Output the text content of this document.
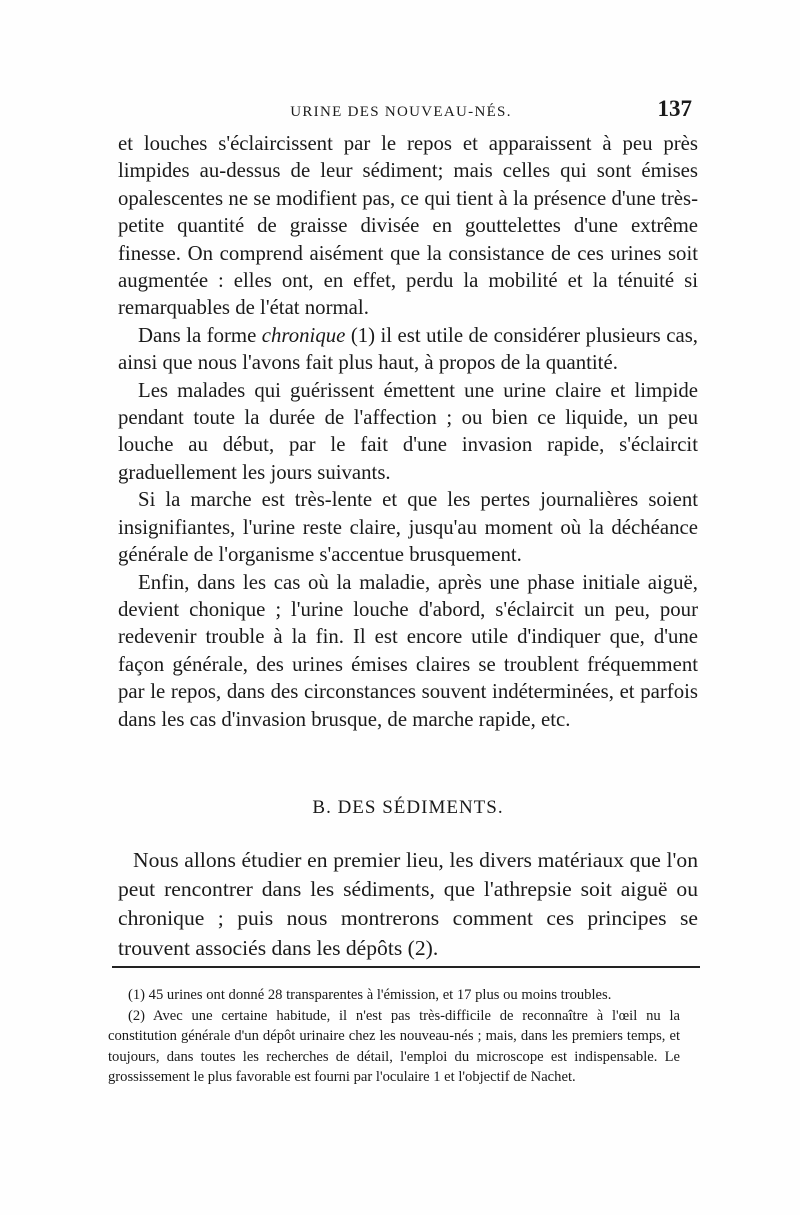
URINE DES NOUVEAU-NÉS.	137

et louches s'éclaircissent par le repos et apparaissent à peu près limpides au-dessus de leur sédiment; mais celles qui sont émises opalescentes ne se modifient pas, ce qui tient à la présence d'une très-petite quantité de graisse divisée en gouttelettes d'une extrême finesse. On comprend aisément que la consistance de ces urines soit augmentée : elles ont, en effet, perdu la mobilité et la ténuité si remarquables de l'état normal.

Dans la forme chronique (1) il est utile de considérer plusieurs cas, ainsi que nous l'avons fait plus haut, à propos de la quantité.

Les malades qui guérissent émettent une urine claire et limpide pendant toute la durée de l'affection ; ou bien ce liquide, un peu louche au début, par le fait d'une invasion rapide, s'éclaircit graduellement les jours suivants.

Si la marche est très-lente et que les pertes journalières soient insignifiantes, l'urine reste claire, jusqu'au moment où la déchéance générale de l'organisme s'accentue brusquement.

Enfin, dans les cas où la maladie, après une phase initiale aiguë, devient chonique ; l'urine louche d'abord, s'éclaircit un peu, pour redevenir trouble à la fin. Il est encore utile d'indiquer que, d'une façon générale, des urines émises claires se troublent fréquemment par le repos, dans des circonstances souvent indéterminées, et parfois dans les cas d'invasion brusque, de marche rapide, etc.

B. DES SÉDIMENTS.

Nous allons étudier en premier lieu, les divers matériaux que l'on peut rencontrer dans les sédiments, que l'athrepsie soit aiguë ou chronique ; puis nous montrerons comment ces principes se trouvent associés dans les dépôts (2).

(1) 45 urines ont donné 28 transparentes à l'émission, et 17 plus ou moins troubles.

(2) Avec une certaine habitude, il n'est pas très-difficile de reconnaître à l'œil nu la constitution générale d'un dépôt urinaire chez les nouveau-nés ; mais, dans les premiers temps, et toujours, dans toutes les recherches de détail, l'emploi du microscope est indispensable. Le grossissement le plus favorable est fourni par l'oculaire 1 et l'objectif de Nachet.
